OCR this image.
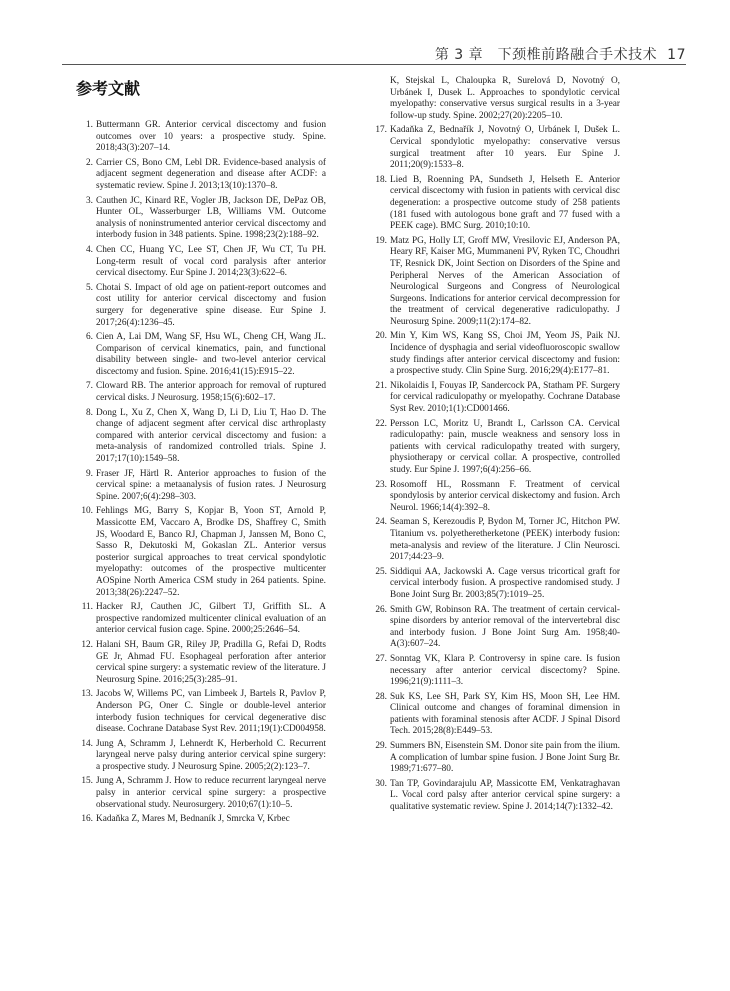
第 3 章　下颈椎前路融合手术技术 17
参考文献
1. Buttermann GR. Anterior cervical discectomy and fusion outcomes over 10 years: a prospective study. Spine. 2018;43(3):207–14.
2. Carrier CS, Bono CM, Lebl DR. Evidence-based analysis of adjacent segment degeneration and disease after ACDF: a systematic review. Spine J. 2013;13(10):1370–8.
3. Cauthen JC, Kinard RE, Vogler JB, Jackson DE, DePaz OB, Hunter OL, Wasserburger LB, Williams VM. Outcome analysis of noninstrumented anterior cervical discectomy and interbody fusion in 348 patients. Spine. 1998;23(2):188–92.
4. Chen CC, Huang YC, Lee ST, Chen JF, Wu CT, Tu PH. Long-term result of vocal cord paralysis after anterior cervical disectomy. Eur Spine J. 2014;23(3):622–6.
5. Chotai S. Impact of old age on patient-report outcomes and cost utility for anterior cervical discectomy and fusion surgery for degenerative spine disease. Eur Spine J. 2017;26(4):1236–45.
6. Cien A, Lai DM, Wang SF, Hsu WL, Cheng CH, Wang JL. Comparison of cervical kinematics, pain, and functional disability between single- and two-level anterior cervical discectomy and fusion. Spine. 2016;41(15):E915–22.
7. Cloward RB. The anterior approach for removal of ruptured cervical disks. J Neurosurg. 1958;15(6):602–17.
8. Dong L, Xu Z, Chen X, Wang D, Li D, Liu T, Hao D. The change of adjacent segment after cervical disc arthroplasty compared with anterior cervical discectomy and fusion: a meta-analysis of randomized controlled trials. Spine J. 2017;17(10):1549–58.
9. Fraser JF, Härtl R. Anterior approaches to fusion of the cervical spine: a metaanalysis of fusion rates. J Neurosurg Spine. 2007;6(4):298–303.
10. Fehlings MG, Barry S, Kopjar B, Yoon ST, Arnold P, Massicotte EM, Vaccaro A, Brodke DS, Shaffrey C, Smith JS, Woodard E, Banco RJ, Chapman J, Janssen M, Bono C, Sasso R, Dekutoski M, Gokaslan ZL. Anterior versus posterior surgical approaches to treat cervical spondylotic myelopathy: outcomes of the prospective multicenter AOSpine North America CSM study in 264 patients. Spine. 2013;38(26):2247–52.
11. Hacker RJ, Cauthen JC, Gilbert TJ, Griffith SL. A prospective randomized multicenter clinical evaluation of an anterior cervical fusion cage. Spine. 2000;25:2646–54.
12. Halani SH, Baum GR, Riley JP, Pradilla G, Refai D, Rodts GE Jr, Ahmad FU. Esophageal perforation after anterior cervical spine surgery: a systematic review of the literature. J Neurosurg Spine. 2016;25(3):285–91.
13. Jacobs W, Willems PC, van Limbeek J, Bartels R, Pavlov P, Anderson PG, Oner C. Single or double-level anterior interbody fusion techniques for cervical degenerative disc disease. Cochrane Database Syst Rev. 2011;19(1):CD004958.
14. Jung A, Schramm J, Lehnerdt K, Herberhold C. Recurrent laryngeal nerve palsy during anterior cervical spine surgery: a prospective study. J Neurosurg Spine. 2005;2(2):123–7.
15. Jung A, Schramm J. How to reduce recurrent laryngeal nerve palsy in anterior cervical spine surgery: a prospective observational study. Neurosurgery. 2010;67(1):10–5.
16. Kadaňka Z, Mares M, Bednaník J, Smrcka V, Krbec
K, Stejskal L, Chaloupka R, Surelová D, Novotný O, Urbánek I, Dusek L. Approaches to spondylotic cervical myelopathy: conservative versus surgical results in a 3-year follow-up study. Spine. 2002;27(20):2205–10.
17. Kadaňka Z, Bednařík J, Novotný O, Urbánek I, Dušek L. Cervical spondylotic myelopathy: conservative versus surgical treatment after 10 years. Eur Spine J. 2011;20(9):1533–8.
18. Lied B, Roenning PA, Sundseth J, Helseth E. Anterior cervical discectomy with fusion in patients with cervical disc degeneration: a prospective outcome study of 258 patients (181 fused with autologous bone graft and 77 fused with a PEEK cage). BMC Surg. 2010;10:10.
19. Matz PG, Holly LT, Groff MW, Vresilovic EJ, Anderson PA, Heary RF, Kaiser MG, Mummaneni PV, Ryken TC, Choudhri TF, Resnick DK, Joint Section on Disorders of the Spine and Peripheral Nerves of the American Association of Neurological Surgeons and Congress of Neurological Surgeons. Indications for anterior cervical decompression for the treatment of cervical degenerative radiculopathy. J Neurosurg Spine. 2009;11(2):174–82.
20. Min Y, Kim WS, Kang SS, Choi JM, Yeom JS, Paik NJ. Incidence of dysphagia and serial videofluoroscopic swallow study findings after anterior cervical discectomy and fusion: a prospective study. Clin Spine Surg. 2016;29(4):E177–81.
21. Nikolaidis I, Fouyas IP, Sandercock PA, Statham PF. Surgery for cervical radiculopathy or myelopathy. Cochrane Database Syst Rev. 2010;1(1):CD001466.
22. Persson LC, Moritz U, Brandt L, Carlsson CA. Cervical radiculopathy: pain, muscle weakness and sensory loss in patients with cervical radiculopathy treated with surgery, physiotherapy or cervical collar. A prospective, controlled study. Eur Spine J. 1997;6(4):256–66.
23. Rosomoff HL, Rossmann F. Treatment of cervical spondylosis by anterior cervical diskectomy and fusion. Arch Neurol. 1966;14(4):392–8.
24. Seaman S, Kerezoudis P, Bydon M, Torner JC, Hitchon PW. Titanium vs. polyetheretherketone (PEEK) interbody fusion: meta-analysis and review of the literature. J Clin Neurosci. 2017;44:23–9.
25. Siddiqui AA, Jackowski A. Cage versus tricortical graft for cervical interbody fusion. A prospective randomised study. J Bone Joint Surg Br. 2003;85(7):1019–25.
26. Smith GW, Robinson RA. The treatment of certain cervical-spine disorders by anterior removal of the intervertebral disc and interbody fusion. J Bone Joint Surg Am. 1958;40-A(3):607–24.
27. Sonntag VK, Klara P. Controversy in spine care. Is fusion necessary after anterior cervical discectomy? Spine. 1996;21(9):1111–3.
28. Suk KS, Lee SH, Park SY, Kim HS, Moon SH, Lee HM. Clinical outcome and changes of foraminal dimension in patients with foraminal stenosis after ACDF. J Spinal Disord Tech. 2015;28(8):E449–53.
29. Summers BN, Eisenstein SM. Donor site pain from the ilium. A complication of lumbar spine fusion. J Bone Joint Surg Br. 1989;71:677–80.
30. Tan TP, Govindarajulu AP, Massicotte EM, Venkatraghavan L. Vocal cord palsy after anterior cervical spine surgery: a qualitative systematic review. Spine J. 2014;14(7):1332–42.
